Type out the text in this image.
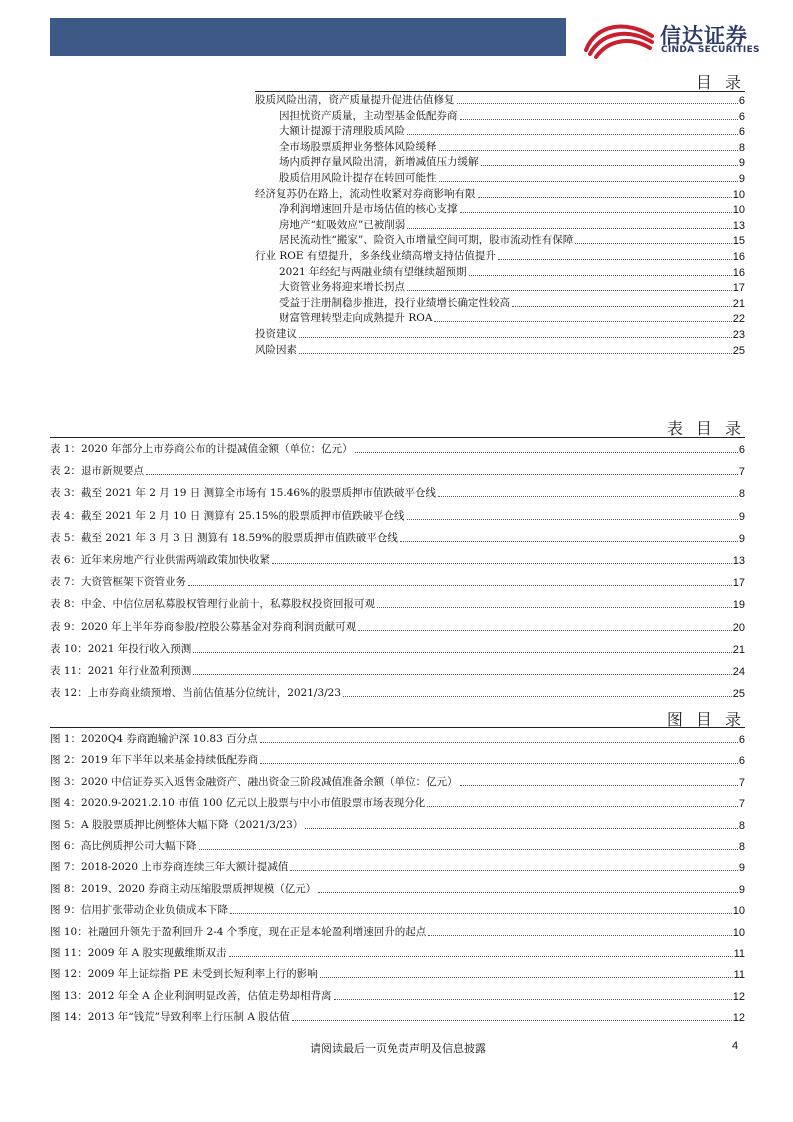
信达证券
CINDA SECURITIES
目 录
股质风险出清，资产质量提升促进估值修复	6
因担忧资产质量，主动型基金低配券商	6
大额计提源于清理股质风险	6
全市场股票质押业务整体风险缓释	8
场内质押存量风险出清，新增减值压力缓解	9
股质信用风险计提存在转回可能性	9
经济复苏仍在路上，流动性收紧对券商影响有限	10
净利润增速回升是市场估值的核心支撑	10
房地产“虹吸效应”已被削弱	13
居民流动性“搬家”、险资入市增量空间可期，股市流动性有保障	15
行业 ROE 有望提升，多条线业绩高增支持估值提升	16
2021 年经纪与两融业绩有望继续超预期	16
大资管业务将迎来增长拐点	17
受益于注册制稳步推进，投行业绩增长确定性较高	21
财富管理转型走向成熟提升 ROA	22
投资建议	23
风险因素	25
表 目 录
表 1：2020 年部分上市券商公布的计提减值金额（单位：亿元）	6
表 2：退市新规要点	7
表 3：截至 2021 年 2 月 19 日 测算全市场有 15.46%的股票质押市值跌破平仓线	8
表 4：截至 2021 年 2 月 10 日 测算有 25.15%的股票质押市值跌破平仓线	9
表 5：截至 2021 年 3 月 3 日 测算有 18.59%的股票质押市值跌破平仓线	9
表 6：近年来房地产行业供需两端政策加快收紧	13
表 7：大资管框架下资管业务	17
表 8：中金、中信位居私募股权管理行业前十，私募股权投资回报可观	19
表 9：2020 年上半年券商参股/控股公募基金对券商利润贡献可观	20
表 10：2021 年投行收入预测	21
表 11：2021 年行业盈利预测	24
表 12：上市券商业绩预增、当前估值基分位统计，2021/3/23	25
图 目 录
图 1：2020Q4 券商跑输沪深 10.83 百分点	6
图 2：2019 年下半年以来基金持续低配券商	6
图 3：2020 中信证券买入返售金融资产、融出资金三阶段减值准备余额（单位：亿元）	7
图 4：2020.9-2021.2.10 市值 100 亿元以上股票与中小市值股票市场表现分化	7
图 5：A 股股票质押比例整体大幅下降（2021/3/23）	8
图 6：高比例质押公司大幅下降	8
图 7：2018-2020 上市券商连续三年大额计提减值	9
图 8：2019、2020 券商主动压缩股票质押规模（亿元）	9
图 9：信用扩张带动企业负债成本下降	10
图 10：社融回升领先于盈利回升 2-4 个季度，现在正是本轮盈利增速回升的起点	10
图 11：2009 年 A 股实现戴维斯双击	11
图 12：2009 年上证综指 PE 未受到长短利率上行的影响	11
图 13：2012 年全 A 企业利润明显改善，估值走势却相背离	12
图 14：2013 年“钱荒”导致利率上行压制 A 股估值	12
请阅读最后一页免责声明及信息披露	4
